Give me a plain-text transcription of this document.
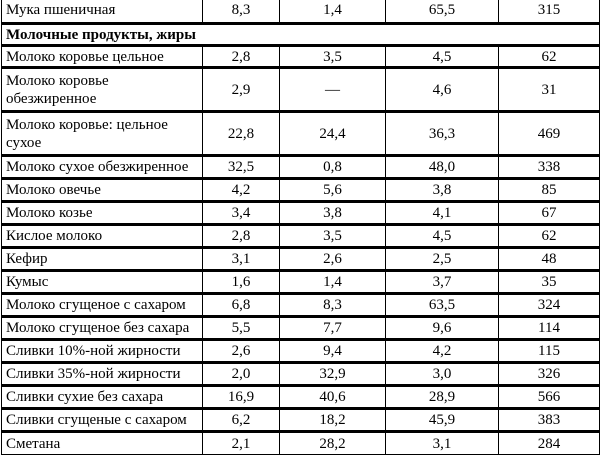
Мука пшеничная	8,3	1,4	65,5	315
Молочные продукты, жиры				
Молоко коровье цельное	2,8	3,5	4,5	62
Молоко коровье обезжиренное	2,9	—	4,6	31
Молоко коровье: цельное сухое	22,8	24,4	36,3	469
Молоко сухое обезжиренное	32,5	0,8	48,0	338
Молоко овечье	4,2	5,6	3,8	85
Молоко козье	3,4	3,8	4,1	67
Кислое молоко	2,8	3,5	4,5	62
Кефир	3,1	2,6	2,5	48
Кумыс	1,6	1,4	3,7	35
Молоко сгущеное с сахаром	6,8	8,3	63,5	324
Молоко сгущеное без сахара	5,5	7,7	9,6	114
Сливки 10%-ной жирности	2,6	9,4	4,2	115
Сливки 35%-ной жирности	2,0	32,9	3,0	326
Сливки сухие без сахара	16,9	40,6	28,9	566
Сливки сгущеные с сахаром	6,2	18,2	45,9	383
Сметана	2,1	28,2	3,1	284
